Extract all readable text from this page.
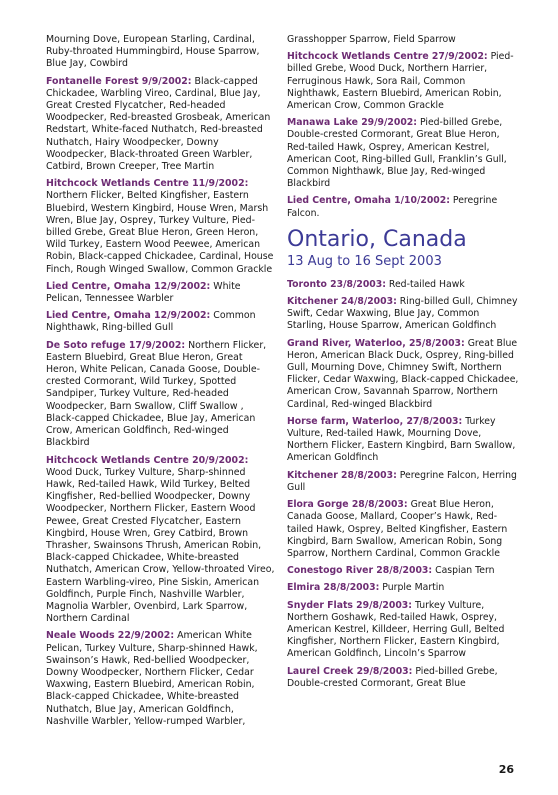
Mourning Dove, European Starling, Cardinal, Ruby-throated Hummingbird, House Sparrow, Blue Jay, Cowbird

Fontanelle Forest 9/9/2002: Black-capped Chickadee, Warbling Vireo, Cardinal, Blue Jay, Great Crested Flycatcher, Red-headed Woodpecker, Red-breasted Grosbeak, American Redstart, White-faced Nuthatch, Red-breasted Nuthatch, Hairy Woodpecker, Downy Woodpecker, Black-throated Green Warbler, Catbird, Brown Creeper, Tree Martin

Hitchcock Wetlands Centre 11/9/2002: Northern Flicker, Belted Kingfisher, Eastern Bluebird, Western Kingbird, House Wren, Marsh Wren, Blue Jay, Osprey, Turkey Vulture, Pied-billed Grebe, Great Blue Heron, Green Heron, Wild Turkey, Eastern Wood Peewee, American Robin, Black-capped Chickadee, Cardinal, House Finch, Rough Winged Swallow, Common Grackle

Lied Centre, Omaha 12/9/2002: White Pelican, Tennessee Warbler

Lied Centre, Omaha 12/9/2002: Common Nighthawk, Ring-billed Gull

De Soto refuge 17/9/2002: Northern Flicker, Eastern Bluebird, Great Blue Heron, Great Heron, White Pelican, Canada Goose, Double-crested Cormorant, Wild Turkey, Spotted Sandpiper, Turkey Vulture, Red-headed Woodpecker, Barn Swallow, Cliff Swallow , Black-capped Chickadee, Blue Jay, American Crow, American Goldfinch, Red-winged Blackbird

Hitchcock Wetlands Centre 20/9/2002: Wood Duck, Turkey Vulture, Sharp-shinned Hawk, Red-tailed Hawk, Wild Turkey, Belted Kingfisher, Red-bellied Woodpecker, Downy Woodpecker, Northern Flicker, Eastern Wood Pewee, Great Crested Flycatcher, Eastern Kingbird, House Wren, Grey Catbird, Brown Thrasher, Swainsons Thrush, American Robin, Black-capped Chickadee, White-breasted Nuthatch, American Crow, Yellow-throated Vireo, Eastern Warbling-vireo, Pine Siskin, American Goldfinch, Purple Finch, Nashville Warbler, Magnolia Warbler, Ovenbird, Lark Sparrow, Northern Cardinal

Neale Woods 22/9/2002: American White Pelican, Turkey Vulture, Sharp-shinned Hawk, Swainson’s Hawk, Red-bellied Woodpecker, Downy Woodpecker, Northern Flicker, Cedar Waxwing, Eastern Bluebird, American Robin, Black-capped Chickadee, White-breasted Nuthatch, Blue Jay, American Goldfinch, Nashville Warbler, Yellow-rumped Warbler,

Grasshopper Sparrow, Field Sparrow

Hitchcock Wetlands Centre 27/9/2002: Pied-billed Grebe, Wood Duck, Northern Harrier, Ferruginous Hawk, Sora Rail, Common Nighthawk, Eastern Bluebird, American Robin, American Crow, Common Grackle

Manawa Lake 29/9/2002: Pied-billed Grebe, Double-crested Cormorant, Great Blue Heron, Red-tailed Hawk, Osprey, American Kestrel, American Coot, Ring-billed Gull, Franklin’s Gull, Common Nighthawk, Blue Jay, Red-winged Blackbird

Lied Centre, Omaha 1/10/2002: Peregrine Falcon.

Ontario, Canada
13 Aug to 16 Sept 2003

Toronto 23/8/2003: Red-tailed Hawk

Kitchener 24/8/2003: Ring-billed Gull, Chimney Swift, Cedar Waxwing, Blue Jay, Common Starling, House Sparrow, American Goldfinch

Grand River, Waterloo, 25/8/2003: Great Blue Heron, American Black Duck, Osprey, Ring-billed Gull, Mourning Dove, Chimney Swift, Northern Flicker, Cedar Waxwing, Black-capped Chickadee, American Crow, Savannah Sparrow, Northern Cardinal, Red-winged Blackbird

Horse farm, Waterloo, 27/8/2003: Turkey Vulture, Red-tailed Hawk, Mourning Dove, Northern Flicker, Eastern Kingbird, Barn Swallow, American Goldfinch

Kitchener 28/8/2003: Peregrine Falcon, Herring Gull

Elora Gorge 28/8/2003: Great Blue Heron, Canada Goose, Mallard, Cooper’s Hawk, Red-tailed Hawk, Osprey, Belted Kingfisher, Eastern Kingbird, Barn Swallow, American Robin, Song Sparrow, Northern Cardinal, Common Grackle

Conestogo River 28/8/2003: Caspian Tern

Elmira 28/8/2003: Purple Martin

Snyder Flats 29/8/2003: Turkey Vulture, Northern Goshawk, Red-tailed Hawk, Osprey, American Kestrel, Killdeer, Herring Gull, Belted Kingfisher, Northern Flicker, Eastern Kingbird, American Goldfinch, Lincoln’s Sparrow

Laurel Creek 29/8/2003: Pied-billed Grebe, Double-crested Cormorant, Great Blue

26
